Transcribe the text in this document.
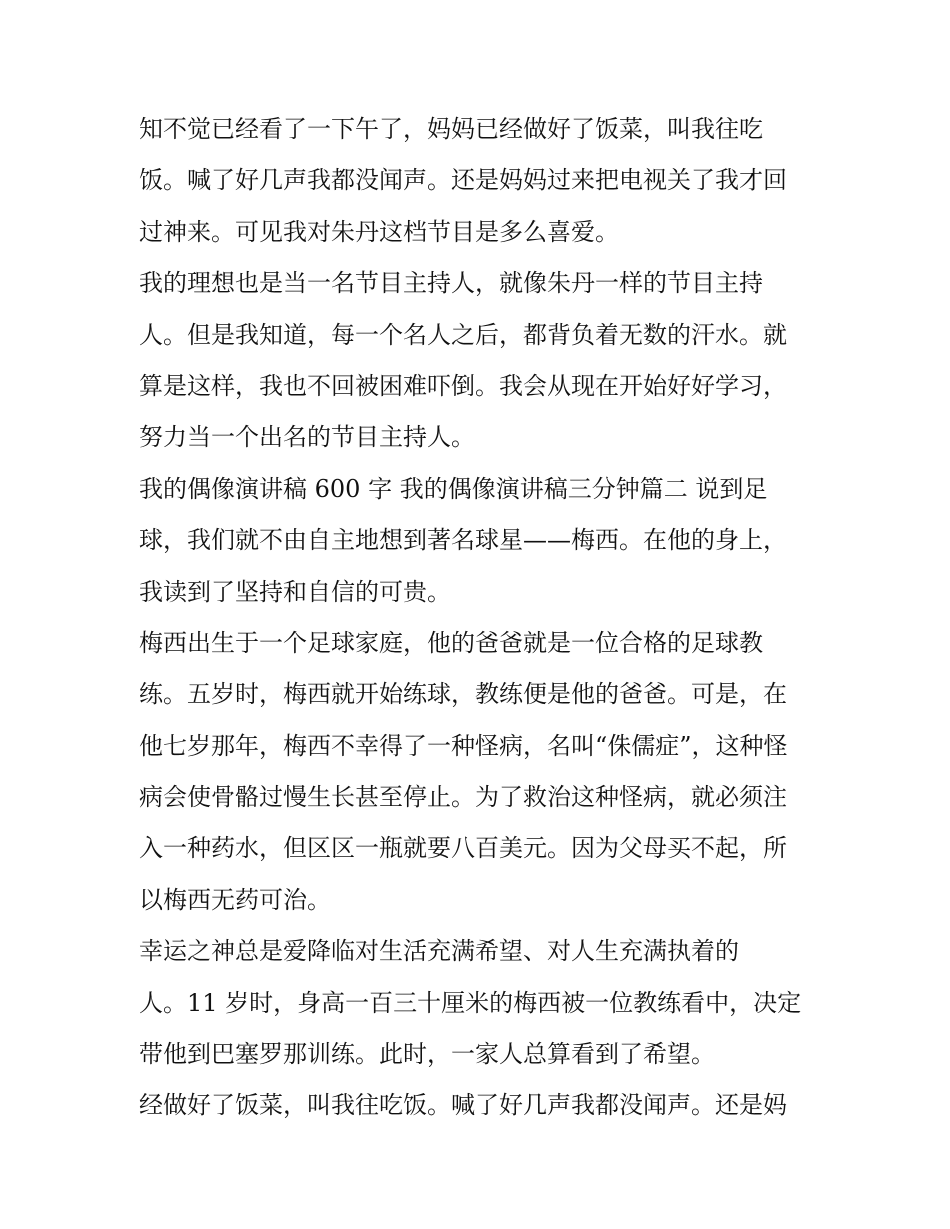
知不觉已经看了一下午了，妈妈已经做好了饭菜，叫我往吃
饭。喊了好几声我都没闻声。还是妈妈过来把电视关了我才回
过神来。可见我对朱丹这档节目是多么喜爱。
我的理想也是当一名节目主持人，就像朱丹一样的节目主持
人。但是我知道，每一个名人之后，都背负着无数的汗水。就
算是这样，我也不回被困难吓倒。我会从现在开始好好学习，
努力当一个出名的节目主持人。
我的偶像演讲稿 600 字 我的偶像演讲稿三分钟篇二 说到足
球，我们就不由自主地想到著名球星——梅西。在他的身上，
我读到了坚持和自信的可贵。
梅西出生于一个足球家庭，他的爸爸就是一位合格的足球教
练。五岁时，梅西就开始练球，教练便是他的爸爸。可是，在
他七岁那年，梅西不幸得了一种怪病，名叫“侏儒症”，这种怪
病会使骨骼过慢生长甚至停止。为了救治这种怪病，就必须注
入一种药水，但区区一瓶就要八百美元。因为父母买不起，所
以梅西无药可治。
幸运之神总是爱降临对生活充满希望、对人生充满执着的
人。11 岁时，身高一百三十厘米的梅西被一位教练看中，决定
带他到巴塞罗那训练。此时，一家人总算看到了希望。
经做好了饭菜，叫我往吃饭。喊了好几声我都没闻声。还是妈
